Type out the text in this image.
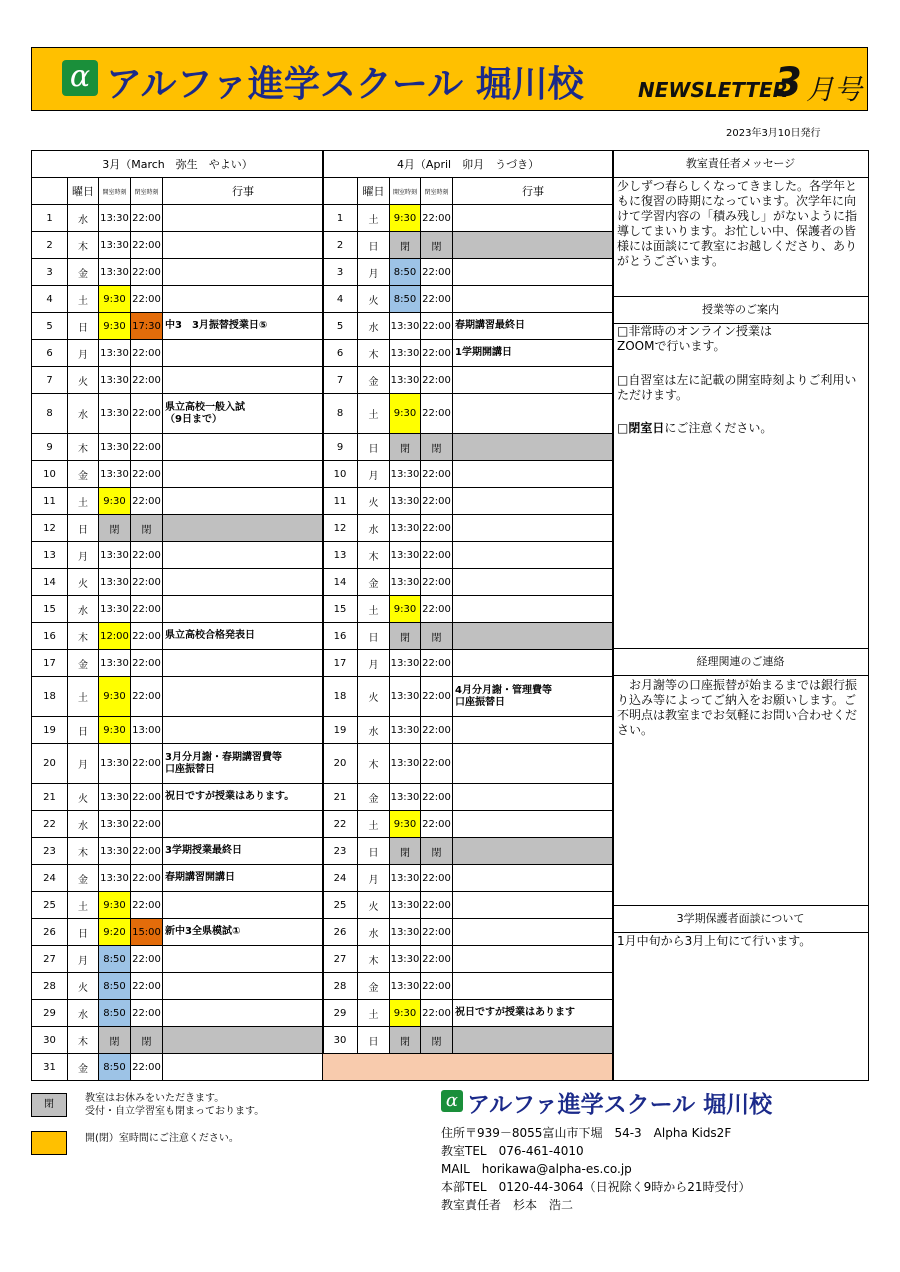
α アルファ進学スクール 堀川校	NEWSLETTER
3 月号
2023年3月10日発行
3月（March　弥生　やよい）				
	曜日	開室時刻	閉室時刻	行事
1	水	13:30	22:00	
2	木	13:30	22:00	
3	金	13:30	22:00	
4	土	9:30	22:00	
5	日	9:30	17:30	中3　3月振替授業日⑤
6	月	13:30	22:00	
7	火	13:30	22:00	
8	水	13:30	22:00	県立高校一般入試
（9日まで）
9	木	13:30	22:00	
10	金	13:30	22:00	
11	土	9:30	22:00	
12	日	閉	閉	
13	月	13:30	22:00	
14	火	13:30	22:00	
15	水	13:30	22:00	
16	木	12:00	22:00	県立高校合格発表日
17	金	13:30	22:00	
18	土	9:30	22:00	
19	日	9:30	13:00	
20	月	13:30	22:00	3月分月謝・春期講習費等
口座振替日
21	火	13:30	22:00	祝日ですが授業はあります。
22	水	13:30	22:00	
23	木	13:30	22:00	3学期授業最終日
24	金	13:30	22:00	春期講習開講日
25	土	9:30	22:00	
26	日	9:20	15:00	新中3全県模試①
27	月	8:50	22:00	
28	火	8:50	22:00	
29	水	8:50	22:00	
30	木	閉	閉	
31	金	8:50	22:00	
4月（April　卯月　うづき）				
	曜日	開室時刻	閉室時刻	行事
1	土	9:30	22:00	
2	日	閉	閉	
3	月	8:50	22:00	
4	火	8:50	22:00	
5	水	13:30	22:00	春期講習最終日
6	木	13:30	22:00	1学期開講日
7	金	13:30	22:00	
8	土	9:30	22:00	
9	日	閉	閉	
10	月	13:30	22:00	
11	火	13:30	22:00	
12	水	13:30	22:00	
13	木	13:30	22:00	
14	金	13:30	22:00	
15	土	9:30	22:00	
16	日	閉	閉	
17	月	13:30	22:00	
18	火	13:30	22:00	4月分月謝・管理費等
口座振替日
19	水	13:30	22:00	
20	木	13:30	22:00	
21	金	13:30	22:00	
22	土	9:30	22:00	
23	日	閉	閉	
24	月	13:30	22:00	
25	火	13:30	22:00	
26	水	13:30	22:00	
27	木	13:30	22:00	
28	金	13:30	22:00	
29	土	9:30	22:00	祝日ですが授業はあります
30	日	閉	閉	

教室責任者メッセージ
少しずつ春らしくなってきました。各学年ともに復習の時期になっています。次学年に向けて学習内容の「積み残し」がないように指導してまいります。お忙しい中、保護者の皆様には面談にて教室にお越しくださり、ありがとうございます。
授業等のご案内
□非常時のオンライン授業は
ZOOMで行います。
□自習室は左に記載の開室時刻よりご利用いただけます。
□閉室日にご注意ください。
経理関連のご連絡
　お月謝等の口座振替が始まるまでは銀行振り込み等によってご納入をお願いします。ご不明点は教室までお気軽にお問い合わせください。
3学期保護者面談について
1月中旬から3月上旬にて行います。
閉
教室はお休みをいただきます。
受付・自立学習室も閉まっております。
開(閉）室時間にご注意ください。
α アルファ進学スクール 堀川校
住所〒939－8055富山市下堀　54-3　Alpha Kids2F
教室TEL　076-461-4010
MAIL　horikawa@alpha-es.co.jp
本部TEL　0120-44-3064（日祝除く9時から21時受付）
教室責任者　杉本　浩二
